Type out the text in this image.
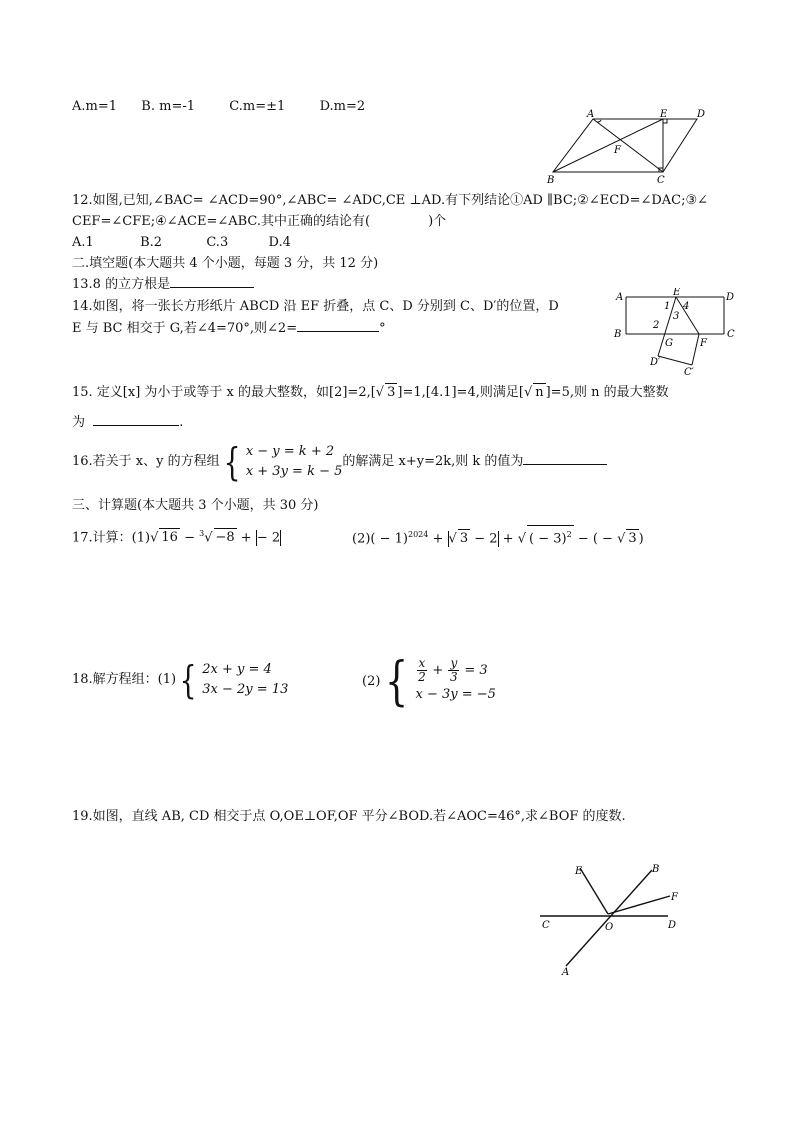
A.m=1 B. m=-1	C.m=±1	D.m=2
A	E	D
F
B	C
12.如图,已知,∠BAC= ∠ACD=90°,∠ABC= ∠ADC,CE ⊥AD.有下列结论①AD ∥BC;②∠ECD=∠DAC;③∠
CEF=∠CFE;④∠ACE=∠ABC.其中正确的结论有(	)个
A.1	B.2	C.3	D.4
二.填空题(本大题共 4 个小题，每题 3 分，共 12 分)
13.8 的立方根是
14.如图，将一张长方形纸片 ABCD 沿 EF 折叠，点 C、D 分别到 C、D′的位置，D
E 与 BC 相交于 G,若∠4=70°,则∠2=	°
A	E	D
B	C
G	F
D′
C′
1 4
3
2
15. 定义[x] 为小于或等于 x 的最大整数，如[2]=2,[√ 3 ]=1,[4.1]=4,则满足[√ n ]=5,则 n 的最大整数
为	.
16.若关于 x、y 的方程组 { x − y = k + 2
x + 3y = k − 5
的解满足 x+y=2k,则 k 的值为
三、计算题(本大题共 3 个小题，共 30 分)
17.计算：(1)√ 16 − $^3$√ −8 + − 2	$(2)( - 1)^{2024}$ + √ 3 − 2 + √ ( − 3)$^2$ − ( − √ 3 )
18.解方程组：(1) { 2x + y = 4
3x − 2y = 13	(2) { $\frac{x}{2} + \frac{y}{3} = 3$
x − 3y = −5
19.如图，直线 AB, CD 相交于点 O,OE⊥OF,OF 平分∠BOD.若∠AOC=46°,求∠BOF 的度数.
E	B
F
C	O	D
A
